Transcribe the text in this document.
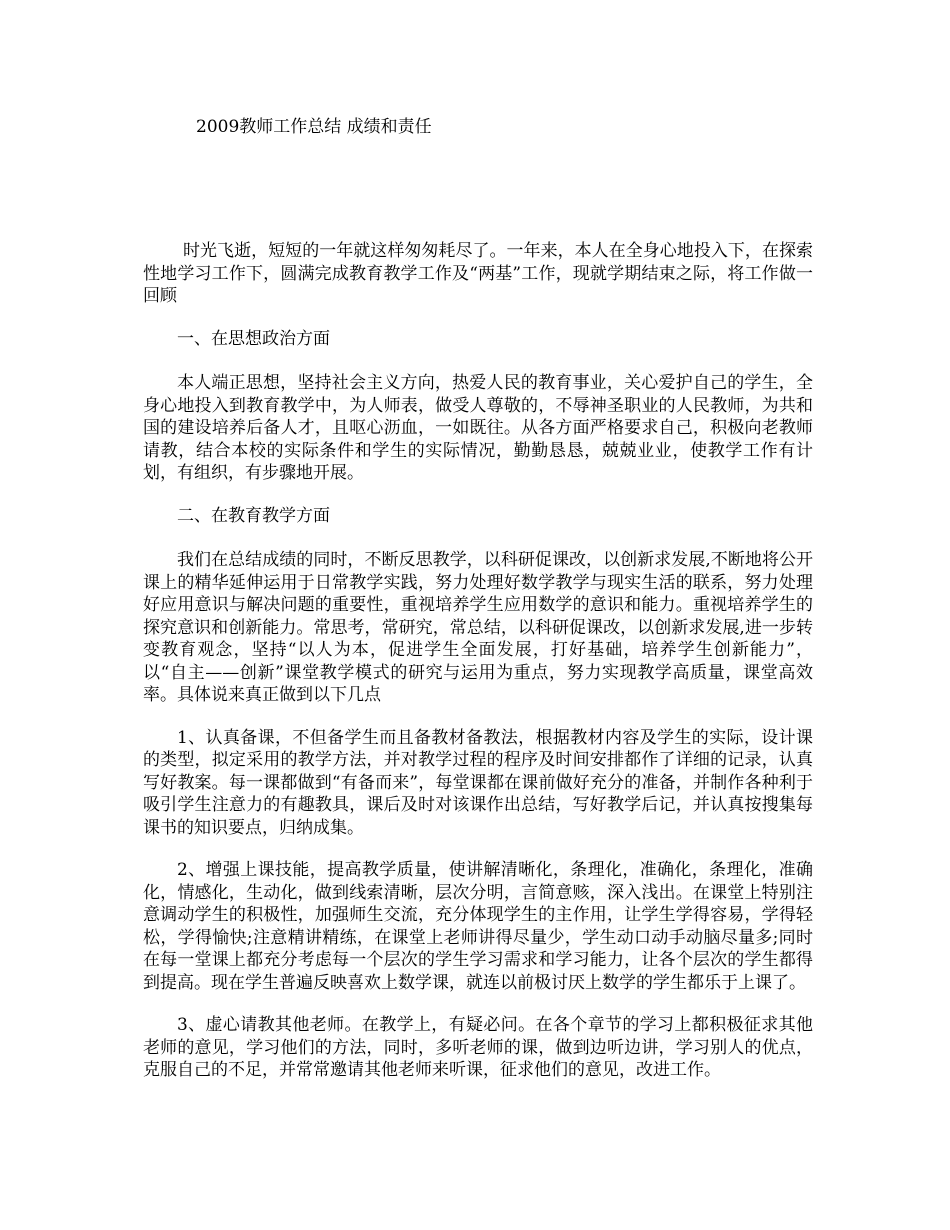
2009教师工作总结 成绩和责任

时光飞逝，短短的一年就这样匆匆耗尽了。一年来，本人在全身心地投入下，在探索性地学习工作下，圆满完成教育教学工作及“两基”工作，现就学期结束之际，将工作做一回顾

一、在思想政治方面

本人端正思想，坚持社会主义方向，热爱人民的教育事业，关心爱护自己的学生，全身心地投入到教育教学中，为人师表，做受人尊敬的，不辱神圣职业的人民教师，为共和国的建设培养后备人才，且呕心沥血，一如既往。从各方面严格要求自己，积极向老教师请教，结合本校的实际条件和学生的实际情况，勤勤恳恳，兢兢业业，使教学工作有计划，有组织，有步骤地开展。

二、在教育教学方面

我们在总结成绩的同时，不断反思教学，以科研促课改，以创新求发展,不断地将公开课上的精华延伸运用于日常教学实践，努力处理好数学教学与现实生活的联系，努力处理好应用意识与解决问题的重要性，重视培养学生应用数学的意识和能力。重视培养学生的探究意识和创新能力。常思考，常研究，常总结，以科研促课改，以创新求发展,进一步转变教育观念，坚持“以人为本，促进学生全面发展，打好基础，培养学生创新能力”，以“自主——创新”课堂教学模式的研究与运用为重点，努力实现教学高质量，课堂高效率。具体说来真正做到以下几点

1、认真备课，不但备学生而且备教材备教法，根据教材内容及学生的实际，设计课的类型，拟定采用的教学方法，并对教学过程的程序及时间安排都作了详细的记录，认真写好教案。每一课都做到“有备而来”，每堂课都在课前做好充分的准备，并制作各种利于吸引学生注意力的有趣教具，课后及时对该课作出总结，写好教学后记，并认真按搜集每课书的知识要点，归纳成集。

2、增强上课技能，提高教学质量，使讲解清晰化，条理化，准确化，条理化，准确化，情感化，生动化，做到线索清晰，层次分明，言简意赅，深入浅出。在课堂上特别注意调动学生的积极性，加强师生交流，充分体现学生的主作用，让学生学得容易，学得轻松，学得愉快;注意精讲精练，在课堂上老师讲得尽量少，学生动口动手动脑尽量多;同时在每一堂课上都充分考虑每一个层次的学生学习需求和学习能力，让各个层次的学生都得到提高。现在学生普遍反映喜欢上数学课，就连以前极讨厌上数学的学生都乐于上课了。

3、虚心请教其他老师。在教学上，有疑必问。在各个章节的学习上都积极征求其他老师的意见，学习他们的方法，同时，多听老师的课，做到边听边讲，学习别人的优点，克服自己的不足，并常常邀请其他老师来听课，征求他们的意见，改进工作。
